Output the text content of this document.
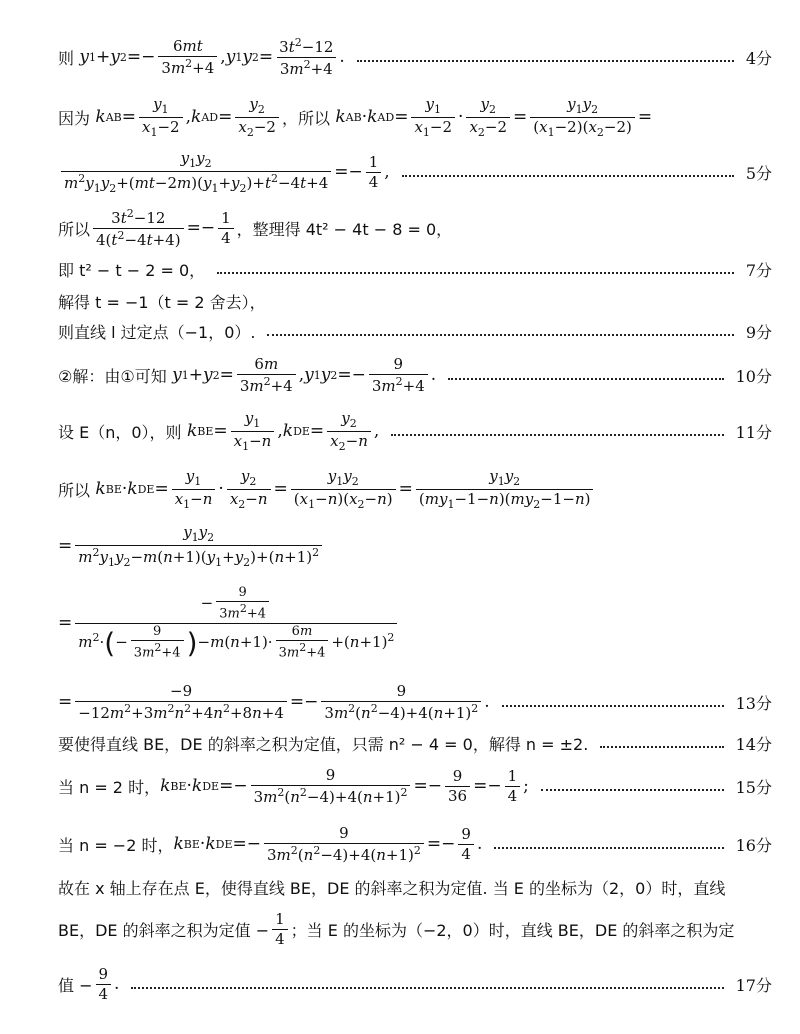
则
y 1 + y $2 =- \frac{6mt}{3m^2+4}$ , y 1 y $2 = \frac{3t^2-12}{3m^2+4}$ .	4分
因为
k AB = $\frac{y_1}{x_1-2}$ , k AD = $\frac{y_2}{x_2-2}$ ，所以
k AB · k AD = $\frac{y_1}{x_1-2} \cdot \frac{y_2}{x_2-2} = \frac{y_1y_2}{(x_1-2)(x_2-2)}$ =
$\frac{y_1y_2}{m^2y_1y_2+(mt-2m)(y_1+y_2)+t^2-4t+4} =- \frac{1}{4}$ ,	5分
所以 $\frac{3t^2-12}{4(t^2-4t+4)} =- \frac{1}{4}$ ，整理得 4t² − 4t − 8 = 0，
即 t² − t − 2 = 0，	7分
解得 t = −1（t = 2 舍去），
则直线 l 过定点（−1，0）.	9分
②解：由①可知
y 1 + y $2 = \frac{6m}{3m^2+4}$ , y 1 y $2 =- \frac{9}{3m^2+4}$ .	10分
设 E（n，0），则
k BE = $\frac{y_1}{x_1-n}$ , k DE = $\frac{y_2}{x_2-n}$ ,	11分
所以
k BE · k DE = $\frac{y_1}{x_1-n} \cdot \frac{y_2}{x_2-n} = \frac{y_1y_2}{(x_1-n)(x_2-n)} = \frac{y_1y_2}{(my_1-1-n)(my_2-1-n)}$
= $\frac{y_1y_2}{m^2y_1y_2-m(n+1)(y_1+y_2)+(n+1)^2}$
= $\frac{- \frac{9}{3m^2+4}}{m^2\cdot(- \frac{9}{3m^2+4} )-m(n+1)\cdot \frac{6m}{3m^2+4} +(n+1)^2}$
= $\frac{-9}{-12m^2+3m^2n^2+4n^2+8n+4} =- \frac{9}{3m^2(n^2-4)+4(n+1)^2}$ .	13分
要使得直线 BE，DE 的斜率之积为定值，只需 n² − 4 = 0，解得 n = ±2.	14分
当 n = 2 时， k BE · k DE =− $\frac{9}{3m^2(n^2-4)+4(n+1)^2} =- \frac{9}{36} =- \frac{1}{4}$ ;	15分
当 n = −2 时， k BE · k DE =− $\frac{9}{3m^2(n^2-4)+4(n+1)^2} =- \frac{9}{4}$ .	16分
故在 x 轴上存在点 E，使得直线 BE，DE 的斜率之积为定值. 当 E 的坐标为（2，0）时，直线
BE，DE 的斜率之积为定值 − $\frac{1}{4}$ ；当 E 的坐标为（−2，0）时，直线 BE，DE 的斜率之积为定
值 − $\frac{9}{4}$ .	17分
